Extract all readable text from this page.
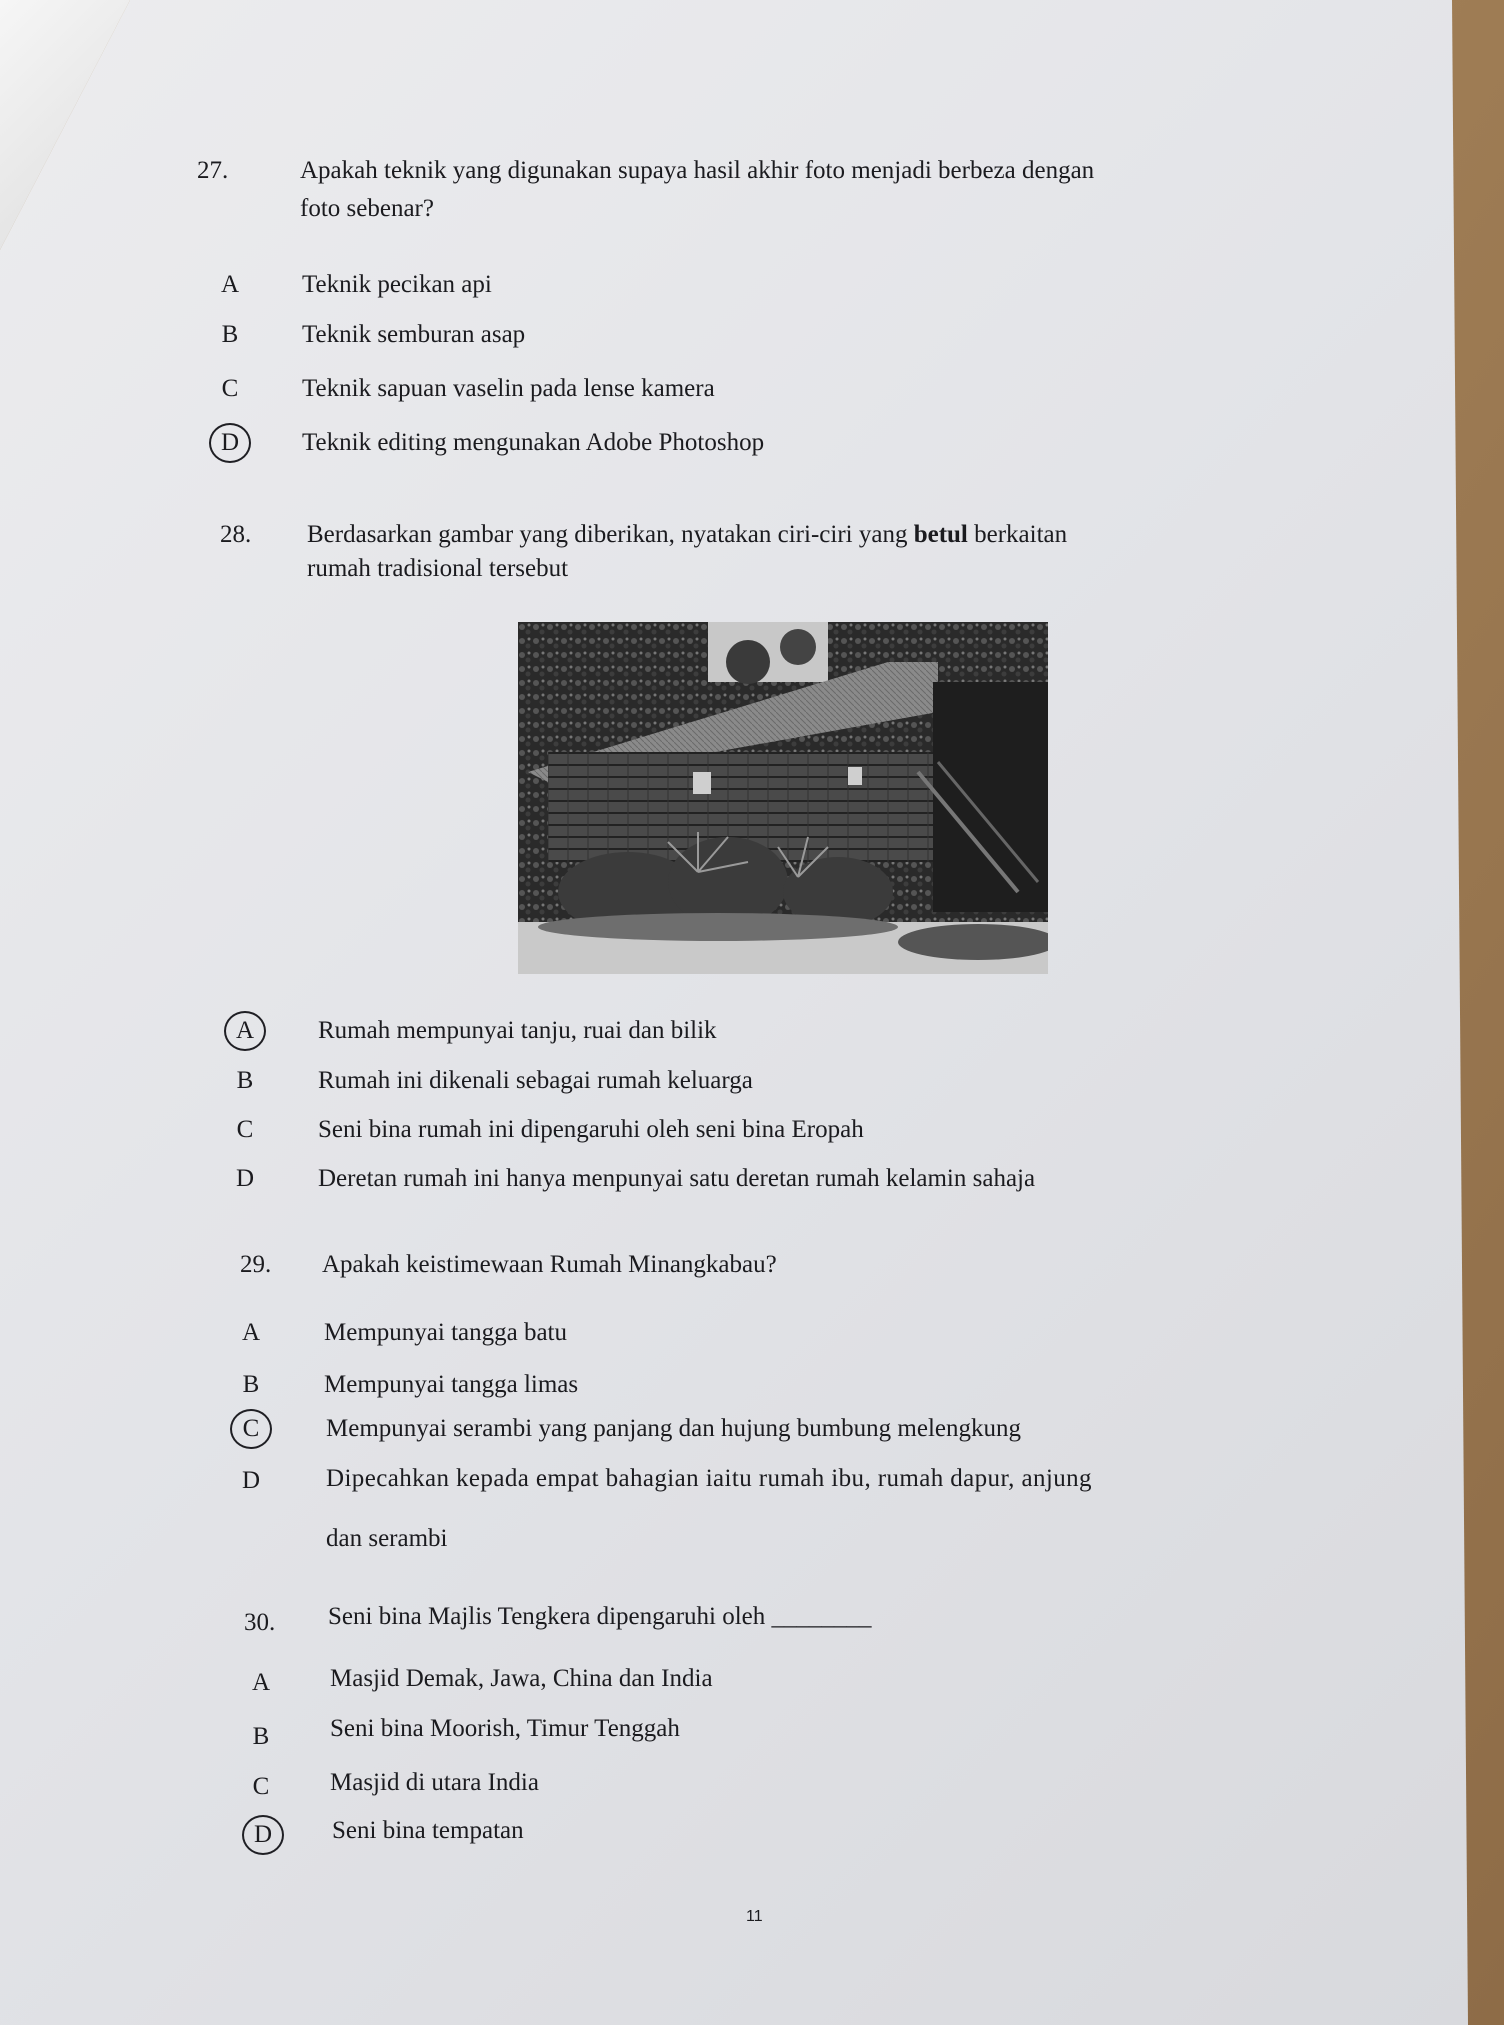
27.	Apakah teknik yang digunakan supaya hasil akhir foto menjadi berbeza dengan
foto sebenar?
A	Teknik pecikan api
B	Teknik semburan asap
C	Teknik sapuan vaselin pada lense kamera
D	Teknik editing mengunakan Adobe Photoshop
28. Berdasarkan gambar yang diberikan, nyatakan ciri-ciri yang betul berkaitan
rumah tradisional tersebut
A	Rumah mempunyai tanju, ruai dan bilik
B	Rumah ini dikenali sebagai rumah keluarga
C	Seni bina rumah ini dipengaruhi oleh seni bina Eropah
D	Deretan rumah ini hanya menpunyai satu deretan rumah kelamin sahaja
29. Apakah keistimewaan Rumah Minangkabau?
A	Mempunyai tangga batu
B	Mempunyai tangga limas
C	Mempunyai serambi yang panjang dan hujung bumbung melengkung
D	Dipecahkan kepada empat bahagian iaitu rumah ibu, rumah dapur, anjung
dan serambi
30. Seni bina Majlis Tengkera dipengaruhi oleh ________
A Masjid Demak, Jawa, China dan India
B Seni bina Moorish, Timur Tenggah
C Masjid di utara India
D Seni bina tempatan
11
